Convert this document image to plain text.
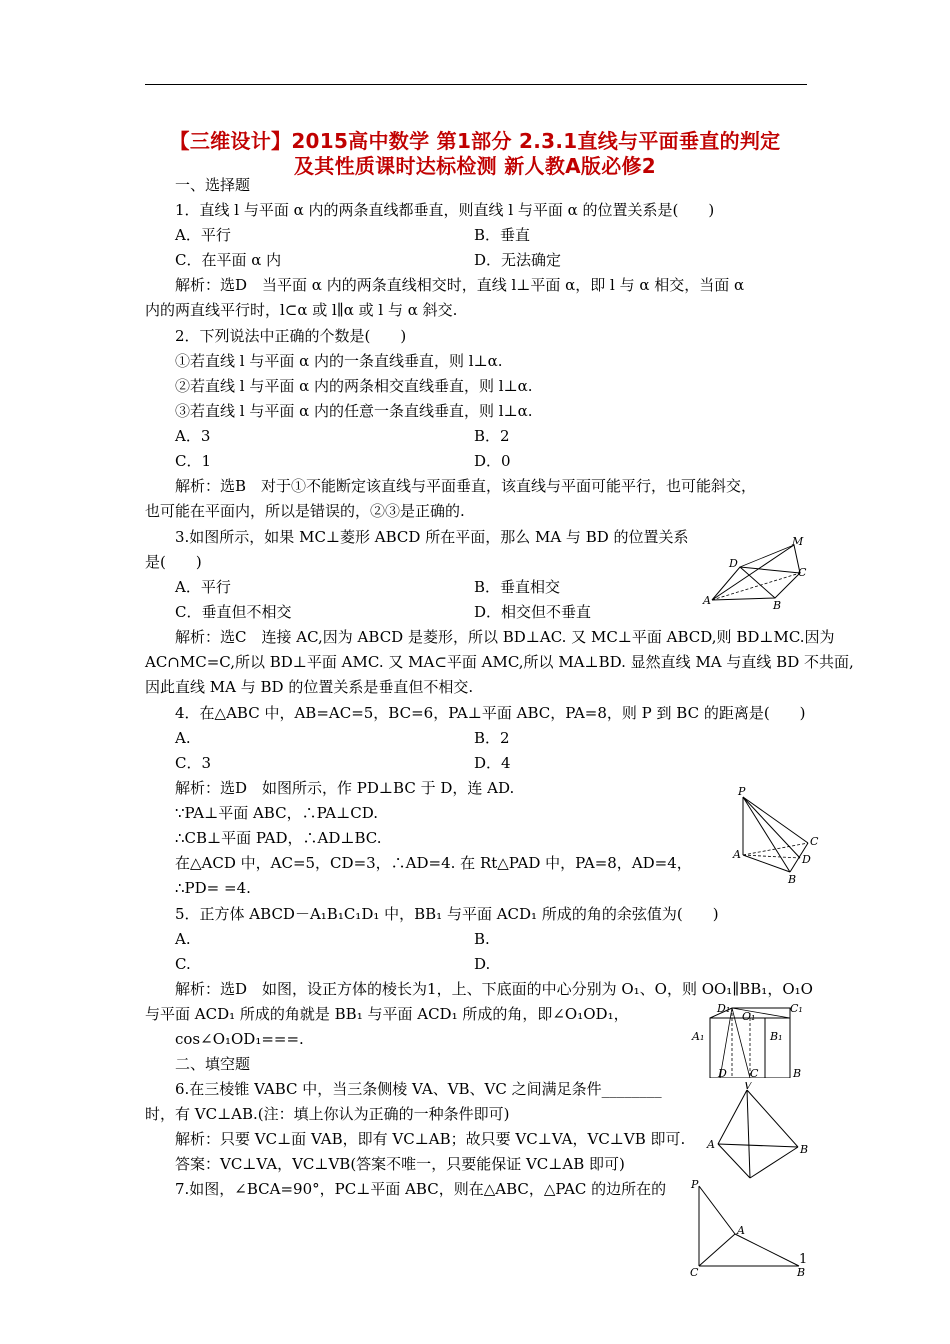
【三维设计】2015高中数学 第1部分 2.3.1直线与平面垂直的判定
及其性质课时达标检测 新人教A版必修2
一、选择题
1．直线 l 与平面 α 内的两条直线都垂直，则直线 l 与平面 α 的位置关系是(　　)
A．平行	B．垂直
C．在平面 α 内	D．无法确定
解析：选D　当平面 α 内的两条直线相交时，直线 l⊥平面 α，即 l 与 α 相交，当面 α
内的两直线平行时，l⊂α 或 l∥α 或 l 与 α 斜交.
2．下列说法中正确的个数是(　　)
①若直线 l 与平面 α 内的一条直线垂直，则 l⊥α.
②若直线 l 与平面 α 内的两条相交直线垂直，则 l⊥α.
③若直线 l 与平面 α 内的任意一条直线垂直，则 l⊥α.
A．3	B．2
C．1	D．0
解析：选B　对于①不能断定该直线与平面垂直，该直线与平面可能平行，也可能斜交，
也可能在平面内，所以是错误的，②③是正确的.
3.如图所示，如果 MC⊥菱形 ABCD 所在平面，那么 MA 与 BD 的位置关系
是(　　)
A．平行	B．垂直相交
C．垂直但不相交	D．相交但不垂直
解析：选C　连接 AC,因为 ABCD 是菱形，所以 BD⊥AC. 又 MC⊥平面 ABCD,则 BD⊥MC.因为
AC∩MC=C,所以 BD⊥平面 AMC. 又 MA⊂平面 AMC,所以 MA⊥BD. 显然直线 MA 与直线 BD 不共面,
因此直线 MA 与 BD 的位置关系是垂直但不相交.
4．在△ABC 中，AB=AC=5，BC=6，PA⊥平面 ABC，PA=8，则 P 到 BC 的距离是(　　)
A.	B．2
C．3	D．4
解析：选D　如图所示，作 PD⊥BC 于 D，连 AD.
∵PA⊥平面 ABC，∴PA⊥CD.
∴CB⊥平面 PAD，∴AD⊥BC.
在△ACD 中，AC=5，CD=3，∴AD=4. 在 Rt△PAD 中，PA=8，AD=4，
∴PD= =4.
5．正方体 ABCD－A₁B₁C₁D₁ 中，BB₁ 与平面 ACD₁ 所成的角的余弦值为(　　)
A.	B.
C.	D.
解析：选D　如图，设正方体的棱长为1，上、下底面的中心分别为 O₁、O，则 OO₁∥BB₁，O₁O
与平面 ACD₁ 所成的角就是 BB₁ 与平面 ACD₁ 所成的角，即∠O₁OD₁，
cos∠O₁OD₁===.
二、填空题
6.在三棱锥 VABC 中，当三条侧棱 VA、VB、VC 之间满足条件________
时，有 VC⊥AB.(注：填上你认为正确的一种条件即可)
解析：只要 VC⊥面 VAB，即有 VC⊥AB；故只要 VC⊥VA，VC⊥VB 即可.
答案：VC⊥VA，VC⊥VB(答案不唯一，只要能保证 VC⊥AB 即可)
7.如图，∠BCA=90°，PC⊥平面 ABC，则在△ABC，△PAC 的边所在的
M
D
C
A	B
P
C
A	D
B
D₁	C₁
O₁
A₁	B₁
D C	B
V
A	B
P
A
C	B
1
